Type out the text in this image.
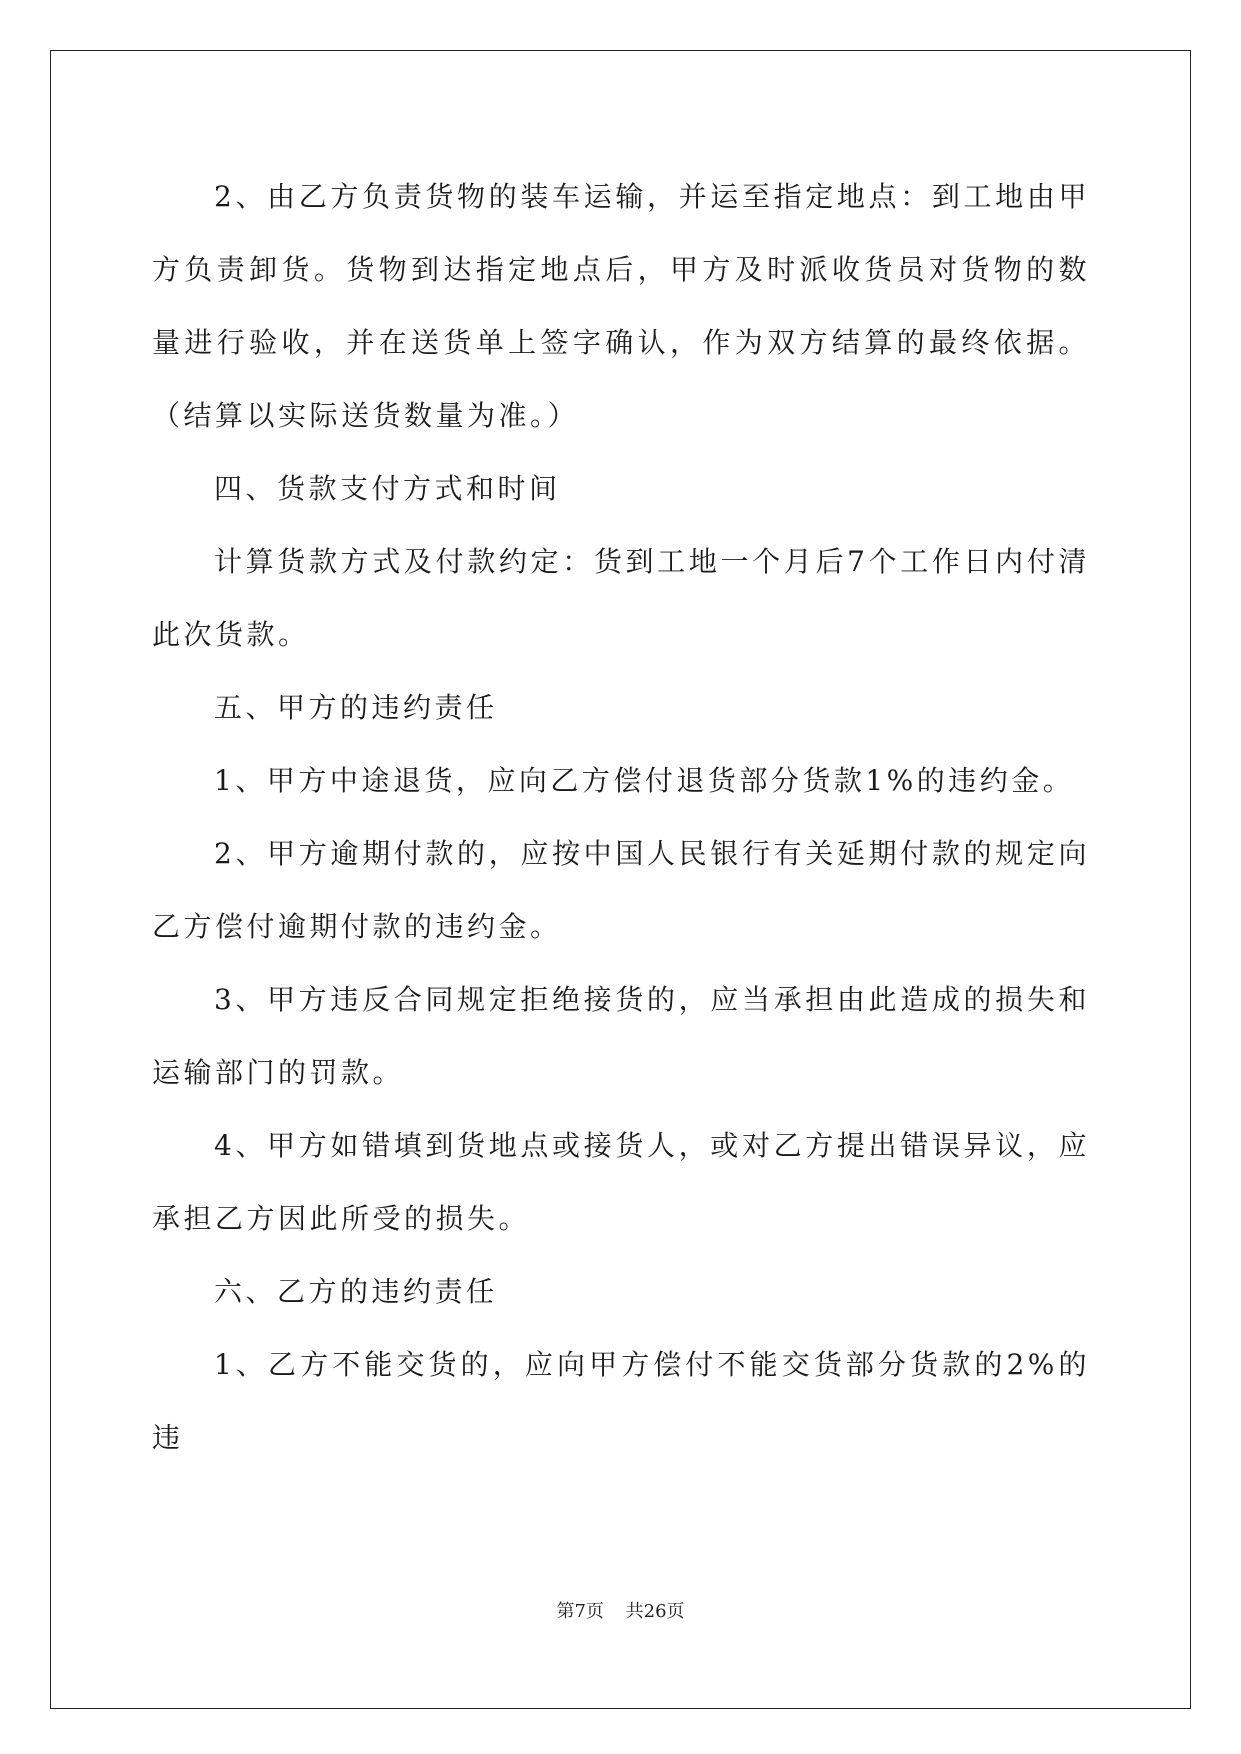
2、由乙方负责货物的装车运输，并运至指定地点：到工地由甲方负责卸货。货物到达指定地点后，甲方及时派收货员对货物的数量进行验收，并在送货单上签字确认，作为双方结算的最终依据。（结算以实际送货数量为准。）

四、货款支付方式和时间

计算货款方式及付款约定：货到工地一个月后7个工作日内付清此次货款。

五、甲方的违约责任

1、甲方中途退货，应向乙方偿付退货部分货款1%的违约金。

2、甲方逾期付款的，应按中国人民银行有关延期付款的规定向乙方偿付逾期付款的违约金。

3、甲方违反合同规定拒绝接货的，应当承担由此造成的损失和运输部门的罚款。

4、甲方如错填到货地点或接货人，或对乙方提出错误异议，应承担乙方因此所受的损失。

六、乙方的违约责任

1、乙方不能交货的，应向甲方偿付不能交货部分货款的2%的违

第7页 共26页
